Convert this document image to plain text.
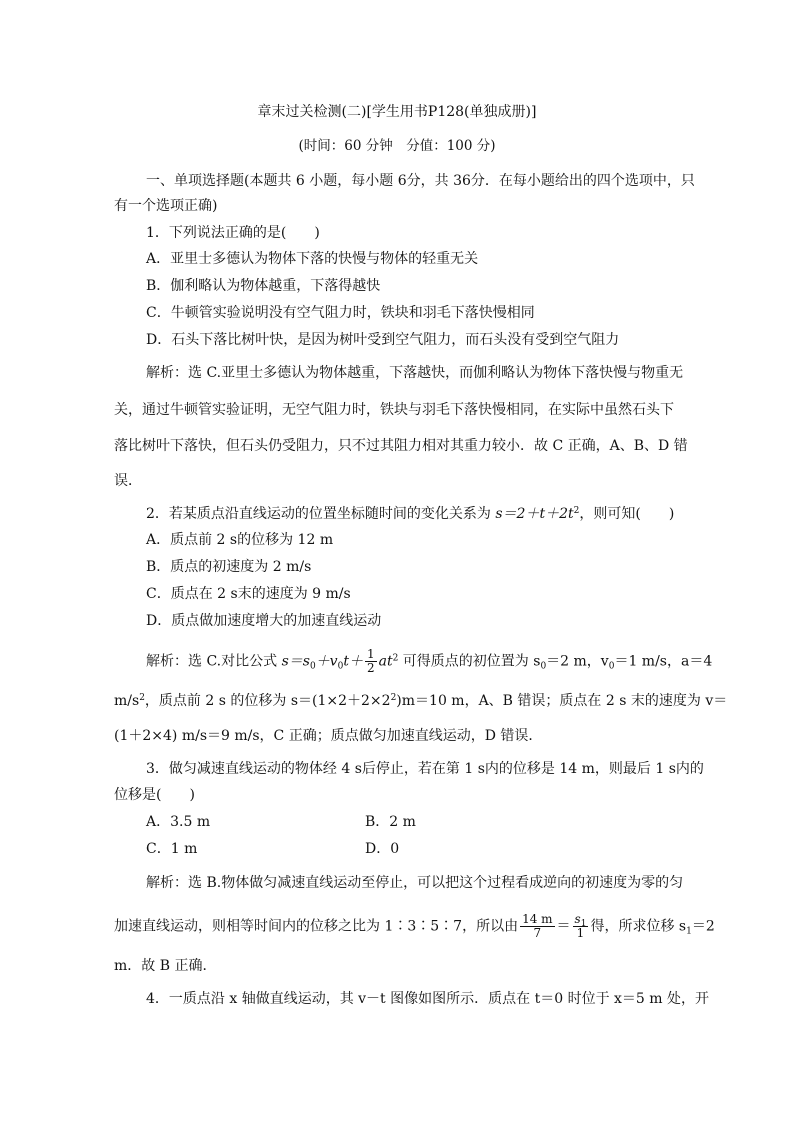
章末过关检测(二)[学生用书P128(单独成册)]
(时间：60 分钟　分值：100 分)
一、单项选择题(本题共 6 小题，每小题 6分，共 36分．在每小题给出的四个选项中，只
有一个选项正确)
1．下列说法正确的是(　　)
A．亚里士多德认为物体下落的快慢与物体的轻重无关
B．伽利略认为物体越重，下落得越快
C．牛顿管实验说明没有空气阻力时，铁块和羽毛下落快慢相同
D．石头下落比树叶快，是因为树叶受到空气阻力，而石头没有受到空气阻力
解析：选 C.亚里士多德认为物体越重，下落越快，而伽利略认为物体下落快慢与物重无
关，通过牛顿管实验证明，无空气阻力时，铁块与羽毛下落快慢相同，在实际中虽然石头下
落比树叶下落快，但石头仍受阻力，只不过其阻力相对其重力较小．故 C 正确，A、B、D 错
误．
2．若某质点沿直线运动的位置坐标随时间的变化关系为 $s=2+t+2t^2$，则可知(　　)
A．质点前 2 s的位移为 12 m
B．质点的初速度为 2 m/s
C．质点在 2 s末的速度为 9 m/s
D．质点做加速度增大的加速直线运动
解析：选 C.对比公式 $s=s_0+v_0t+ \frac{1}{2} at^2$ 可得质点的初位置为 $s_0=2$ m，$v_0=1$ m/s，a＝4
$m/s^2$，质点前 2 s 的位移为 $s=(1\times 2+2\times 2^2)m=10$ m，A、B 错误；质点在 2 s 末的速度为 v＝
(1＋2×4) m/s＝9 m/s，C 正确；质点做匀加速直线运动，D 错误．
3．做匀减速直线运动的物体经 4 s后停止，若在第 1 s内的位移是 14 m，则最后 1 s内的
位移是(　　)
A．3.5 m	B．2 m
C．1 m	D．0
解析：选 B.物体做匀减速直线运动至停止，可以把这个过程看成逆向的初速度为零的匀
加速直线运动，则相等时间内的位移之比为 1∶3∶5∶7，所以由 $\frac{14 m}{7} = \frac{s_1}{1}$ 得，所求位移 $s_1=2$
m．故 B 正确．
4．一质点沿 x 轴做直线运动，其 v－t 图像如图所示．质点在 t＝0 时位于 x＝5 m 处，开
